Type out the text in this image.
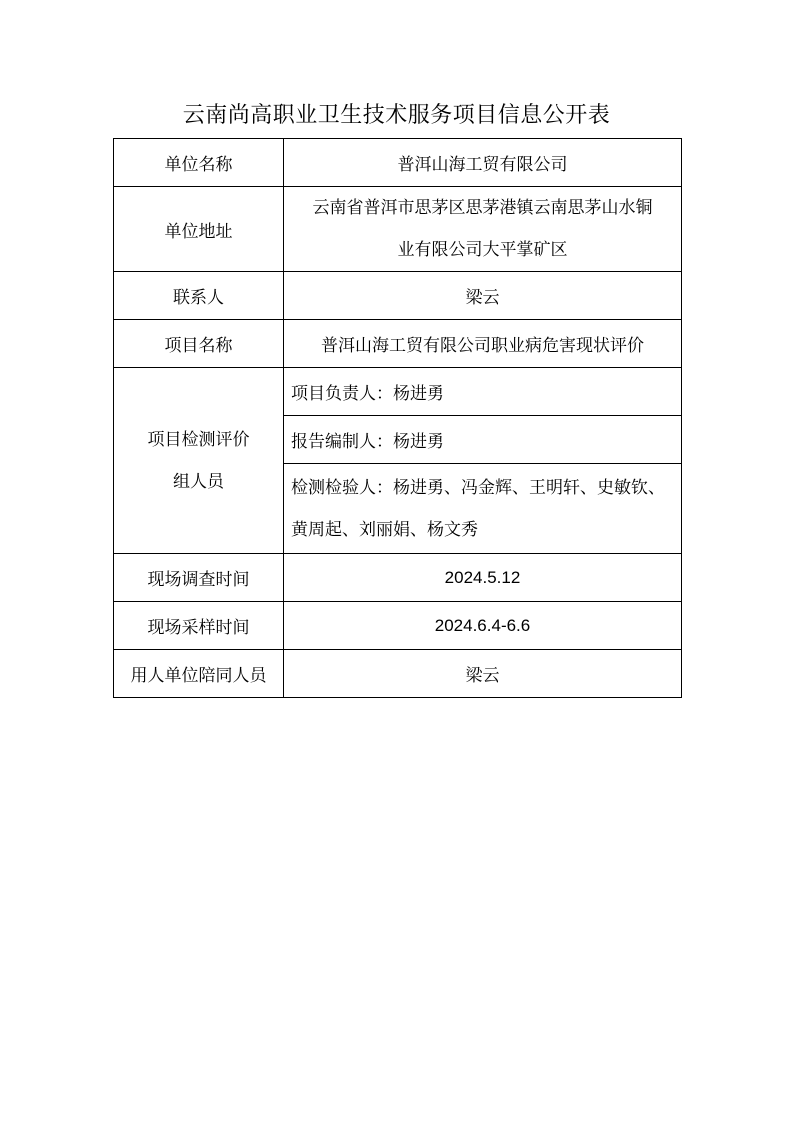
云南尚高职业卫生技术服务项目信息公开表
单位名称	普洱山海工贸有限公司
单位地址	云南省普洱市思茅区思茅港镇云南思茅山水铜
业有限公司大平掌矿区

联系人	梁云
项目名称	普洱山海工贸有限公司职业病危害现状评价

项目检测评价
组人员	项目负责人：杨进勇
	报告编制人：杨进勇

	检测检验人：杨进勇、冯金辉、王明轩、史敏钦、
黄周起、刘丽娟、杨文秀

现场调查时间	2024.5.12
现场采样时间	2024.6.4-6.6
用人单位陪同人员	梁云
